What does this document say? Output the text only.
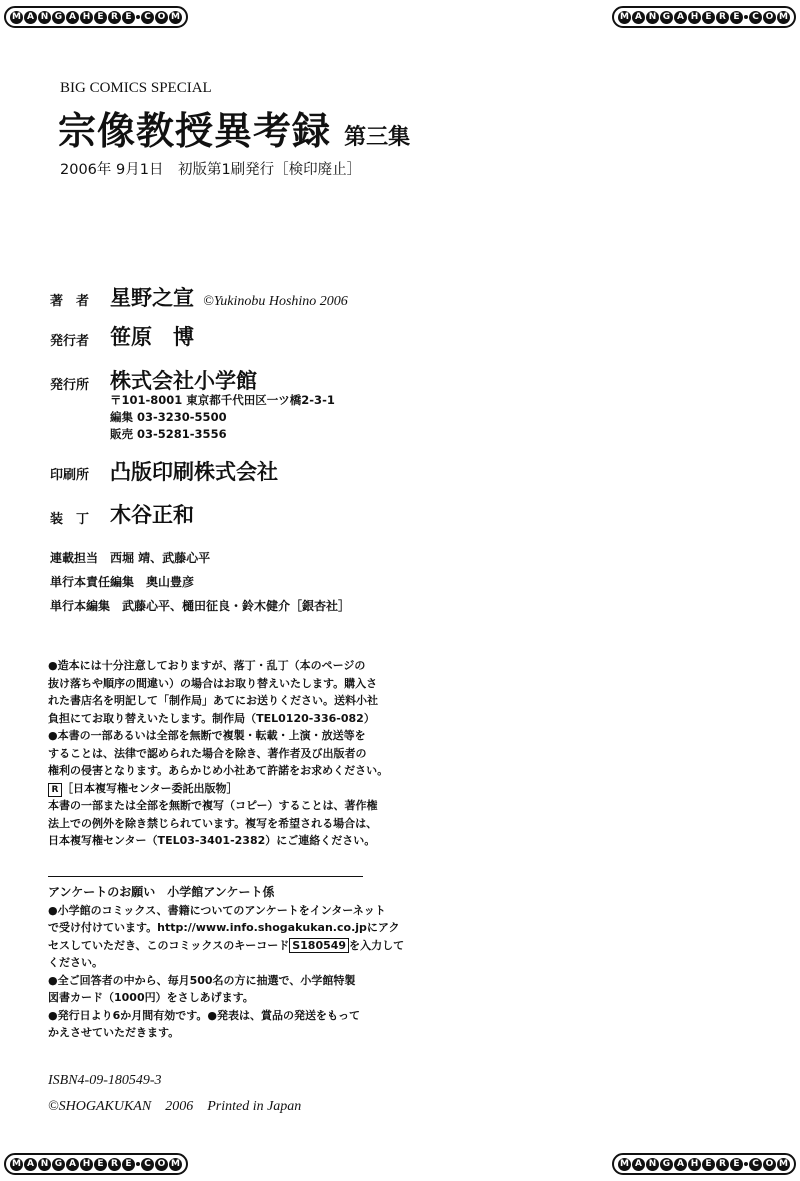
M A N G A H E R E	C O M	M A N G A H E R E	C O M
M A N G A H E R E	C O M	M A N G A H E R E	C O M
BIG COMICS SPECIAL
宗像教授異考録 第三集
2006年 9月1日　初版第1刷発行［検印廃止］
著　者 星野之宣 ©Yukinobu Hoshino 2006
発行者 笹原　博
発行所 株式会社小学館
〒101-8001 東京都千代田区一ツ橋2-3-1
編集 03-3230-5500
販売 03-5281-3556
印刷所 凸版印刷株式会社
装　丁 木谷正和
連載担当　西堀 靖、武藤心平
単行本責任編集　奥山豊彦
単行本編集　武藤心平、樋田征良・鈴木健介［銀杏社］

●造本には十分注意しておりますが、落丁・乱丁（本のページの

抜け落ちや順序の間違い）の場合はお取り替えいたします。購入さ

れた書店名を明記して「制作局」あてにお送りください。送料小社

負担にてお取り替えいたします。制作局（TEL0120-336-082）

●本書の一部あるいは全部を無断で複製・転載・上演・放送等を

することは、法律で認められた場合を除き、著作者及び出版者の

権利の侵害となります。あらかじめ小社あて許諾をお求めください。

R ［日本複写権センター委託出版物］

本書の一部または全部を無断で複写（コピー）することは、著作権

法上での例外を除き禁じられています。複写を希望される場合は、

日本複写権センター（TEL03-3401-2382）にご連絡ください。

アンケートのお願い　小学館アンケート係

●小学館のコミックス、書籍についてのアンケートをインターネット

で受け付けています。http://www.info.shogakukan.co.jpにアク

セスしていただき、このコミックスのキーコード S180549 を入力して

ください。

●全ご回答者の中から、毎月500名の方に抽選で、小学館特製

図書カード（1000円）をさしあげます。

●発行日より6か月間有効です。●発表は、賞品の発送をもって

かえさせていただきます。

ISBN4-09-180549-3
©SHOGAKUKAN　2006　Printed in Japan
